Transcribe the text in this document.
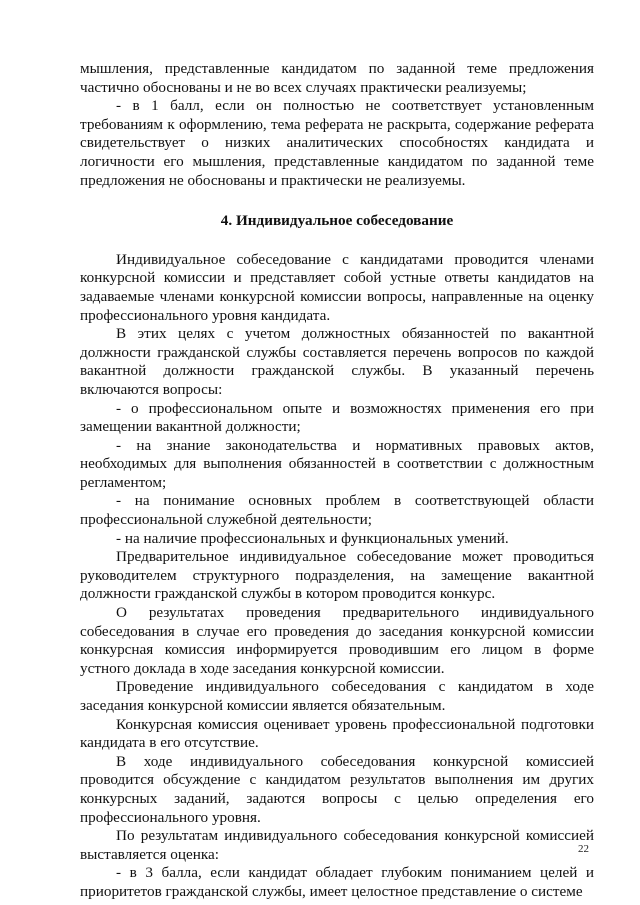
мышления, представленные кандидатом по заданной теме предложения частично обоснованы и не во всех случаях практически реализуемы;

- в 1 балл, если он полностью не соответствует установленным требованиям к оформлению, тема реферата не раскрыта, содержание реферата свидетельствует о низких аналитических способностях кандидата и логичности его мышления, представленные кандидатом по заданной теме предложения не обоснованы и практически не реализуемы.

4. Индивидуальное собеседование

Индивидуальное собеседование с кандидатами проводится членами конкурсной комиссии и представляет собой устные ответы кандидатов на задаваемые членами конкурсной комиссии вопросы, направленные на оценку профессионального уровня кандидата.

В этих целях с учетом должностных обязанностей по вакантной должности гражданской службы составляется перечень вопросов по каждой вакантной должности гражданской службы. В указанный перечень включаются вопросы:

- о профессиональном опыте и возможностях применения его при замещении вакантной должности;

- на знание законодательства и нормативных правовых актов, необходимых для выполнения обязанностей в соответствии с должностным регламентом;

- на понимание основных проблем в соответствующей области профессиональной служебной деятельности;

- на наличие профессиональных и функциональных умений.

Предварительное индивидуальное собеседование может проводиться руководителем структурного подразделения, на замещение вакантной должности гражданской службы в котором проводится конкурс.

О результатах проведения предварительного индивидуального собеседования в случае его проведения до заседания конкурсной комиссии конкурсная комиссия информируется проводившим его лицом в форме устного доклада в ходе заседания конкурсной комиссии.

Проведение индивидуального собеседования с кандидатом в ходе заседания конкурсной комиссии является обязательным.

Конкурсная комиссия оценивает уровень профессиональной подготовки кандидата в его отсутствие.

В ходе индивидуального собеседования конкурсной комиссией проводится обсуждение с кандидатом результатов выполнения им других конкурсных заданий, задаются вопросы с целью определения его профессионального уровня.

По результатам индивидуального собеседования конкурсной комиссией выставляется оценка:

- в 3 балла, если кандидат обладает глубоким пониманием целей и приоритетов гражданской службы, имеет целостное представление о системе

22
